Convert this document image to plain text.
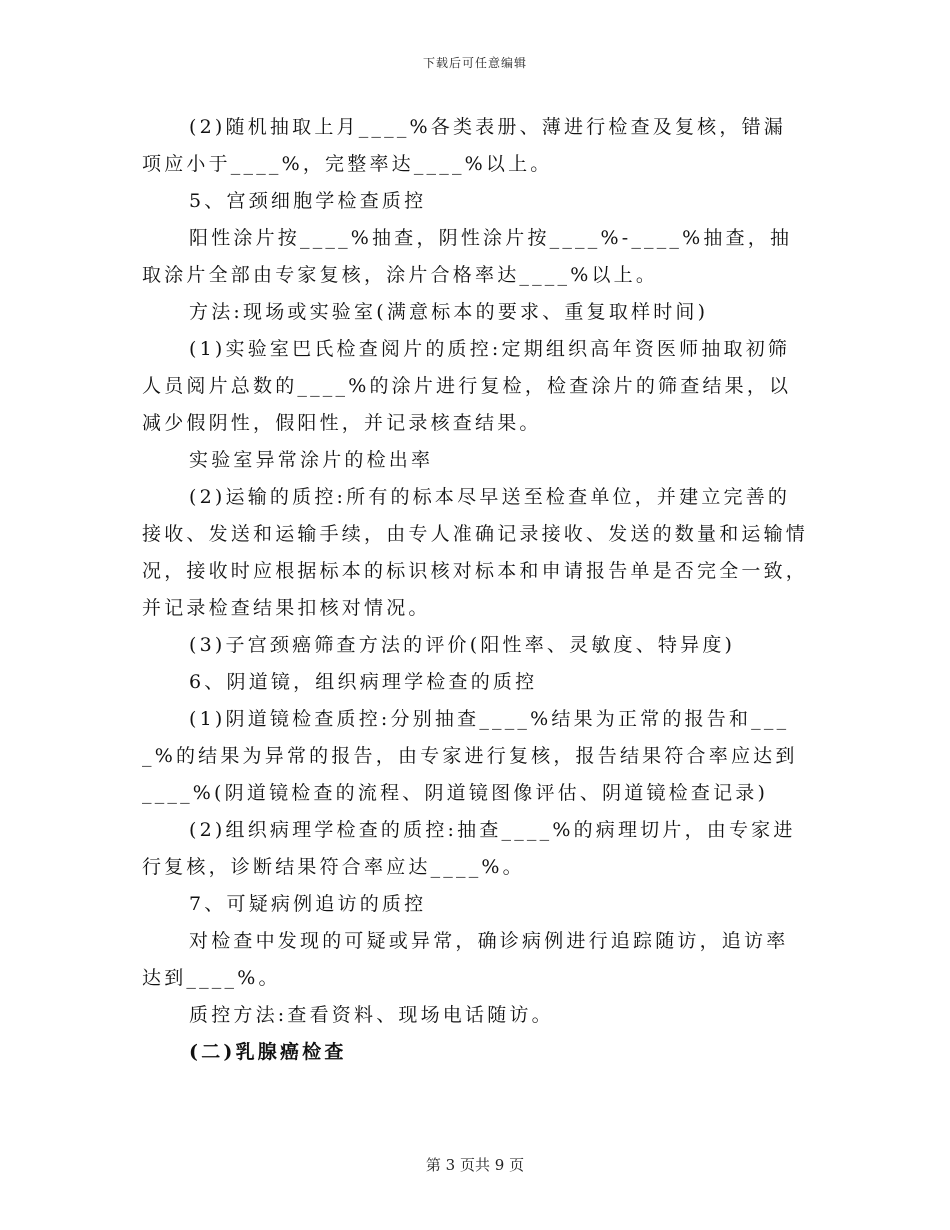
下载后可任意编辑

(2)随机抽取上月____%各类表册、薄进行检查及复核，错漏项应小于____%，完整率达____%以上。

5、宫颈细胞学检查质控

阳性涂片按____%抽查，阴性涂片按____%-____%抽查，抽取涂片全部由专家复核，涂片合格率达____%以上。

方法:现场或实验室(满意标本的要求、重复取样时间)

(1)实验室巴氏检查阅片的质控:定期组织高年资医师抽取初筛人员阅片总数的____%的涂片进行复检，检查涂片的筛查结果，以减少假阴性，假阳性，并记录核查结果。

实验室异常涂片的检出率

(2)运输的质控:所有的标本尽早送至检查单位，并建立完善的接收、发送和运输手续，由专人准确记录接收、发送的数量和运输情况，接收时应根据标本的标识核对标本和申请报告单是否完全一致，并记录检查结果扣核对情况。

(3)子宫颈癌筛查方法的评价(阳性率、灵敏度、特异度)

6、阴道镜，组织病理学检查的质控

(1)阴道镜检查质控:分别抽查____%结果为正常的报告和____%的结果为异常的报告，由专家进行复核，报告结果符合率应达到____%(阴道镜检查的流程、阴道镜图像评估、阴道镜检查记录)

(2)组织病理学检查的质控:抽查____%的病理切片，由专家进行复核，诊断结果符合率应达____%。

7、可疑病例追访的质控

对检查中发现的可疑或异常，确诊病例进行追踪随访，追访率达到____%。

质控方法:查看资料、现场电话随访。

(二)乳腺癌检查

第 3 页共 9 页
